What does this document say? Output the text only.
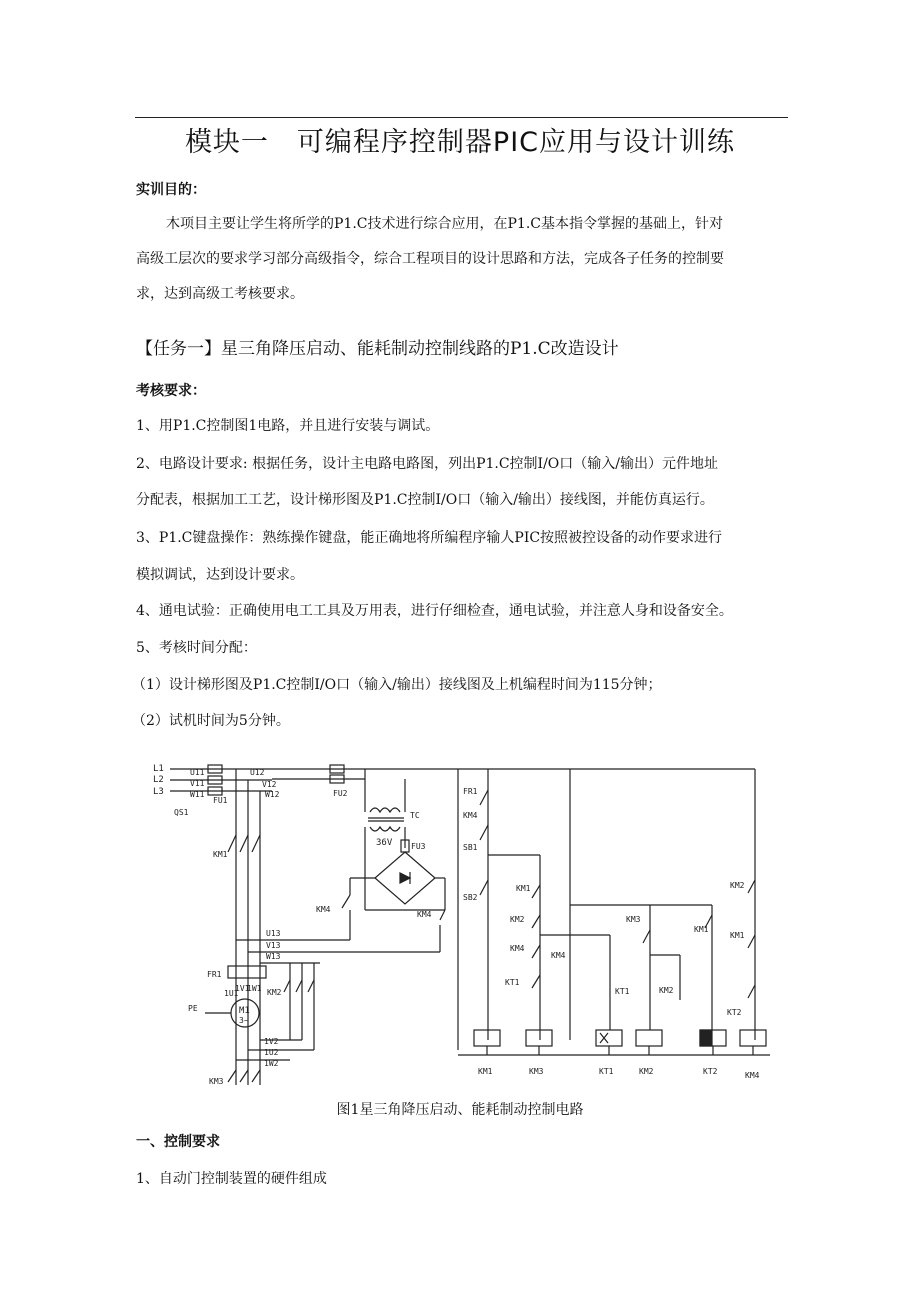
模块一　可编程序控制器PIC应用与设计训练
实训目的：
木项目主要让学生将所学的P1.C技术进行综合应用，在P1.C基本指令掌握的基础上，针对
高级工层次的要求学习部分高级指令，综合工程项目的设计思路和方法，完成各子任务的控制要
求，达到高级工考核要求。
【任务一】星三角降压启动、能耗制动控制线路的P1.C改造设计
考核要求：
1、用P1.C控制图1电路，并且进行安装与调试。
2、电路设计要求: 根据任务，设计主电路电路图，列出P1.C控制I/O口（输入/输出）元件地址
分配表，根据加工工艺，设计梯形图及P1.C控制I/O口（输入/输出）接线图，并能仿真运行。
3、P1.C键盘操作：熟练操作键盘，能正确地将所编程序输人PIC按照被控设备的动作要求进行
模拟调试，达到设计要求。
4、通电试验：正确使用电工工具及万用表，进行仔细检查，通电试验，并注意人身和设备安全。
5、考核时间分配：
（1）设计梯形图及P1.C控制I/O口（输入/输出）接线图及上机编程时间为115分钟；
（2）试机时间为5分钟。
L1
L2
L3
QS1
U11
V11
W11
FU1
U12
V12
W12	FU2
TC
36V FU3
KM1
KM4
KM4
U13
V13
W13
FR1
KM2
PE
1U1
1V1
1W1
M1
3~
1V2
1U2
1W2
KM3
FR1
KM4
SB1
SB2
KM1
KM2
KM4
KM4
KT1
KM3
KT1	KM2
KM1
KM2
KM1
KT2
KM1	KM3	KT1	KM2	KT2	KM4
图1星三角降压启动、能耗制动控制电路
一、控制要求
1、自动门控制装置的硬件组成
